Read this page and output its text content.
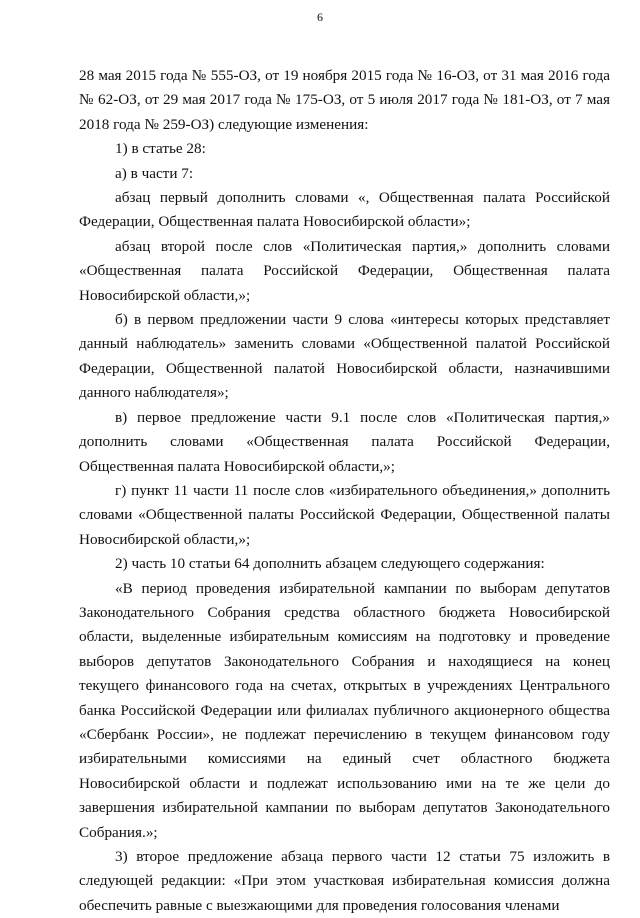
6

28 мая 2015 года № 555-ОЗ, от 19 ноября 2015 года № 16-ОЗ, от 31 мая 2016 года № 62-ОЗ, от 29 мая 2017 года № 175-ОЗ, от 5 июля 2017 года № 181-ОЗ, от 7 мая 2018 года № 259-ОЗ) следующие изменения:

1) в статье 28:

а) в части 7:

абзац первый дополнить словами «, Общественная палата Российской Федерации, Общественная палата Новосибирской области»;

абзац второй после слов «Политическая партия,» дополнить словами «Общественная палата Российской Федерации, Общественная палата Новосибирской области,»;

б) в первом предложении части 9 слова «интересы которых представляет данный наблюдатель» заменить словами «Общественной палатой Российской Федерации, Общественной палатой Новосибирской области, назначившими данного наблюдателя»;

в) первое предложение части 9.1 после слов «Политическая партия,» дополнить словами «Общественная палата Российской Федерации, Общественная палата Новосибирской области,»;

г) пункт 11 части 11 после слов «избирательного объединения,» дополнить словами «Общественной палаты Российской Федерации, Общественной палаты Новосибирской области,»;

2) часть 10 статьи 64 дополнить абзацем следующего содержания:

«В период проведения избирательной кампании по выборам депутатов Законодательного Собрания средства областного бюджета Новосибирской области, выделенные избирательным комиссиям на подготовку и проведение выборов депутатов Законодательного Собрания и находящиеся на конец текущего финансового года на счетах, открытых в учреждениях Центрального банка Российской Федерации или филиалах публичного акционерного общества «Сбербанк России», не подлежат перечислению в текущем финансовом году избирательными комиссиями на единый счет областного бюджета Новосибирской области и подлежат использованию ими на те же цели до завершения избирательной кампании по выборам депутатов Законодательного Собрания.»;

3) второе предложение абзаца первого части 12 статьи 75 изложить в следующей редакции: «При этом участковая избирательная комиссия должна обеспечить равные с выезжающими для проведения голосования членами
